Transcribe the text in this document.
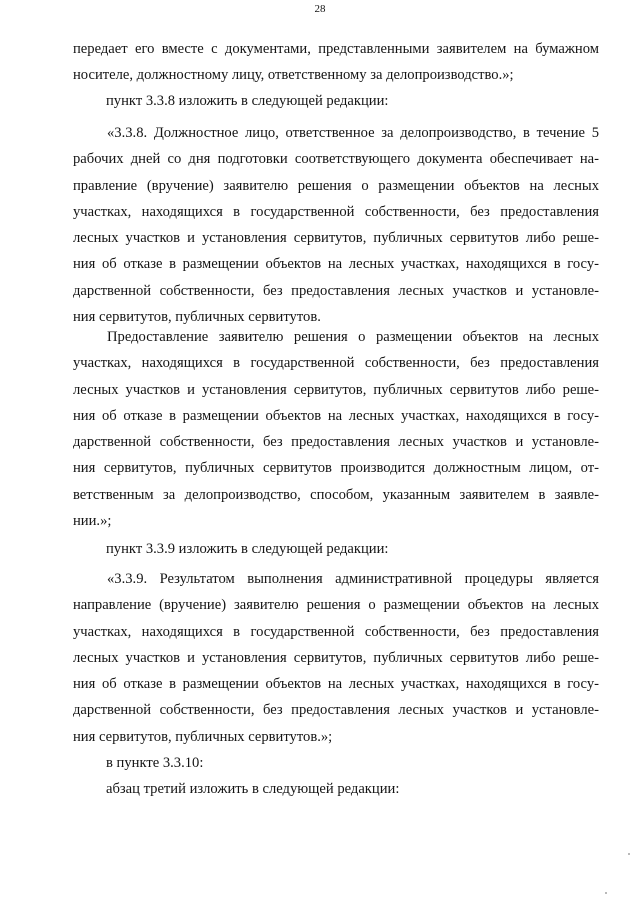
28
передает его вместе с документами, представленными заявителем на бумажном
носителе, должностному лицу, ответственному за делопроизводство.»;
пункт 3.3.8 изложить в следующей редакции:
«3.3.8. Должностное лицо, ответственное за делопроизводство, в течение 5
рабочих дней со дня подготовки соответствующего документа обеспечивает на-
правление (вручение) заявителю решения о размещении объектов на лесных
участках, находящихся в государственной собственности, без предоставления
лесных участков и установления сервитутов, публичных сервитутов либо реше-
ния об отказе в размещении объектов на лесных участках, находящихся в госу-
дарственной собственности, без предоставления лесных участков и установле-
ния сервитутов, публичных сервитутов.
Предоставление заявителю решения о размещении объектов на лесных
участках, находящихся в государственной собственности, без предоставления
лесных участков и установления сервитутов, публичных сервитутов либо реше-
ния об отказе в размещении объектов на лесных участках, находящихся в госу-
дарственной собственности, без предоставления лесных участков и установле-
ния сервитутов, публичных сервитутов производится должностным лицом, от-
ветственным за делопроизводство, способом, указанным заявителем в заявле-
нии.»;
пункт 3.3.9 изложить в следующей редакции:
«3.3.9. Результатом выполнения административной процедуры является
направление (вручение) заявителю решения о размещении объектов на лесных
участках, находящихся в государственной собственности, без предоставления
лесных участков и установления сервитутов, публичных сервитутов либо реше-
ния об отказе в размещении объектов на лесных участках, находящихся в госу-
дарственной собственности, без предоставления лесных участков и установле-
ния сервитутов, публичных сервитутов.»;
в пункте 3.3.10:
абзац третий изложить в следующей редакции:
